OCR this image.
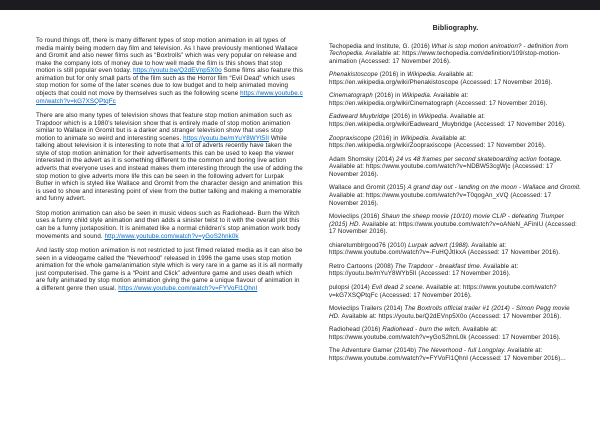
To round things off, there is many different types of stop motion animation in all types of media mainly being modern day film and television. As I have previously mentioned Wallace and Gromit and also newer films such as “Boxtrolls” which was very popular on release and make the company lots of money due to how well made the film is this shows that stop motion is still popular even today. https://youtu.be/Q2dEVnp5X0o Some films also feature this animation but for only small parts of the film such as the Horror film “Evil Dead” which uses stop motion for some of the later scenes due to low budget and to help animated moving objects that could not move by themselves such as the following scene https://www.youtube.com/watch?v=kG7XSQPtqFc

There are also many types of television shows that feature stop motion animation such as Trapdoor which is a 1980’s television show that is entirely made of stop motion animation similar to Wallace in Gromit but is a darker and stranger television show that uses stop motion to animate so weird and interesting scenes. https://youtu.be/mYuY8WYt5II While talking about television it is interesting to note that a lot of adverts recently have taken the style of stop motion animation for their advertisements this can be used to keep the viewer interested in the advert as it is something different to the common and boring live action adverts that everyone uses and instead makes them interesting through the use of adding the stop motion to give adverts more life this can be seen in the following advert for Lurpak Butter in which is styled like Wallace and Gromit from the character design and animation this is used to show and interesting point of view from the butter talking and making a memorable and funny advert.

Stop motion animation can also be seen in music videos such as Radiohead- Burn the Witch uses a funny child style animation and then adds a sinister twist to it with the overall plot this can be a funny juxtaposition. It is animated like a normal children’s stop animation work body movements and sound. http://www.youtube.com/watch?v=yGoS2hnk0k

And lastly stop motion animation is not restricted to just filmed related media as it can also be seen in a videogame called the “Neverhood” released in 1996 the game uses stop motion animation for the whole game/animation style which is very rare in a game as it is all normally just computerised. The game is a “Point and Click” adventure game and uses death which are fully animated by stop motion animation giving the game a unique flavour of animation in a different genre then usual. https://www.youtube.com/watch?v=FYVoFl1QhnI

Bibliography.

Techopedia and Institute, G. (2016) What is stop motion animation? - definition from Techopedia. Available at: https://www.techopedia.com/definition/109/stop-motion-animation (Accessed: 17 November 2016).

Phenakistoscope (2016) in Wikipedia. Available at: https://en.wikipedia.org/wiki/Phenakistoscope (Accessed: 17 November 2016).

Cinematograph (2016) in Wikipedia. Available at: https://en.wikipedia.org/wiki/Cinematograph (Accessed: 17 November 2016).

Eadweard Muybridge (2016) in Wikipedia. Available at: https://en.wikipedia.org/wiki/Eadweard_Muybridge (Accessed: 17 November 2016).

Zoopraxiscope (2016) in Wikipedia. Available at: https://en.wikipedia.org/wiki/Zoopraxiscope (Accessed: 17 November 2016).

Adam Shomsky (2014) 24 vs 48 frames per second skateboarding action footage. Available at: https://www.youtube.com/watch?v=NDBW53cgWjc (Accessed: 17 November 2016).

Wallace and Gromit (2015) A grand day out - landing on the moon - Wallace and Gromit. Available at: https://www.youtube.com/watch?v=T0qogAn_xVQ (Accessed: 17 November 2016).

Movieclips (2016) Shaun the sheep movie (10/10) movie CLIP - defeating Trumper (2015) HD. Available at: https://www.youtube.com/watch?v=oANeN_AFinIU (Accessed: 17 November 2016).

chiaretumblrgood76 (2010) Lurpak advert (1988). Available at: https://www.youtube.com/watch?v=-FuHQJtIkxA (Accessed: 17 November 2016).

Retro Cartoons (2008) The Trapdoor - breakfast time. Available at: https://youtu.be/mYuY8WYb5II (Accessed: 17 November 2016).

pulopsi (2014) Evil dead 2 scene. Available at: https://www.youtube.com/watch?v=kG7XSQPtqFc (Accessed: 17 November 2016).

Movieclips Trailers (2014) The Boxtrolls official trailer #1 (2014) - Simon Pegg movie HD. Available at: https://youtu.be/Q2dEVnp5X0o (Accessed: 17 November 2016).

Radiohead (2016) Radiohead - burn the witch. Available at: https://www.youtube.com/watch?v=yGoS2hnL0k (Accessed: 17 November 2016).

The Adventure Gamer (2014b) The Neverhood - full Longplay. Available at: https://www.youtube.com/watch?v=FYVoFl1QhnI (Accessed: 17 November 2016)...
